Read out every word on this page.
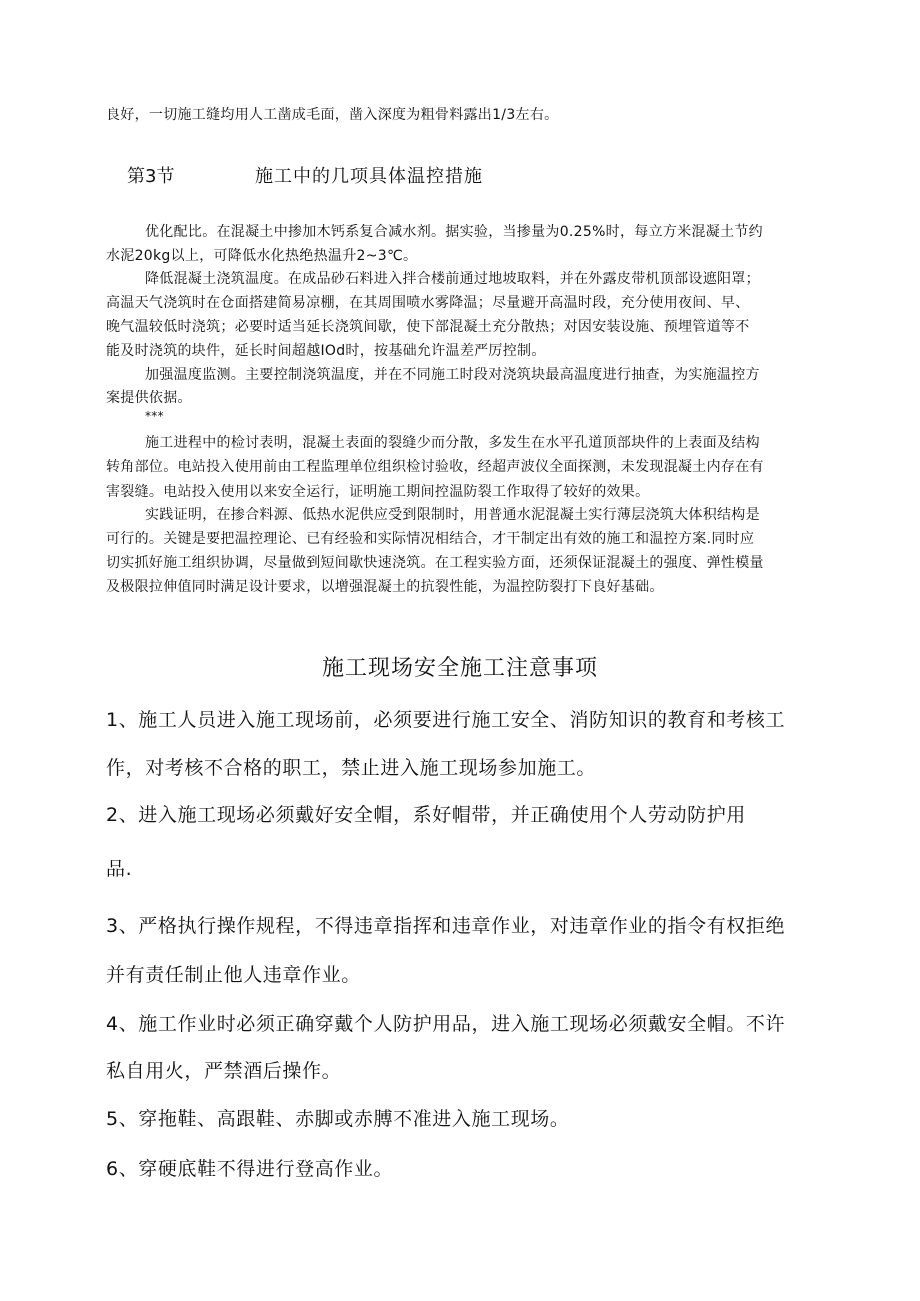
良好，一切施工缝均用人工凿成毛面，凿入深度为粗骨料露出1/3左右。
第3节	施工中的几项具体温控措施
优化配比。在混凝土中掺加木钙系复合减水剂。据实验，当掺量为0.25%时，每立方米混凝土节约
水泥20kg以上，可降低水化热绝热温升2~3℃。
降低混凝土浇筑温度。在成品砂石料进入拌合楼前通过地坡取料，并在外露皮带机顶部设遮阳罩；
高温天气浇筑时在仓面搭建简易凉棚，在其周围喷水雾降温；尽量避开高温时段，充分使用夜间、早、
晚气温较低时浇筑；必要时适当延长浇筑间歇，使下部混凝土充分散热；对因安装设施、预埋管道等不
能及时浇筑的块件，延长时间超越IOd时，按基础允许温差严厉控制。
加强温度监测。主要控制浇筑温度，并在不同施工时段对浇筑块最高温度进行抽查，为实施温控方
案提供依据。
***
施工进程中的检讨表明，混凝土表面的裂缝少而分散，多发生在水平孔道顶部块件的上表面及结构
转角部位。电站投入使用前由工程监理单位组织检讨验收，经超声波仪全面探测，未发现混凝土内存在有
害裂缝。电站投入使用以来安全运行，证明施工期间控温防裂工作取得了较好的效果。
实践证明，在掺合料源、低热水泥供应受到限制时，用普通水泥混凝土实行薄层浇筑大体积结构是
可行的。关键是要把温控理论、已有经验和实际情况相结合，才干制定出有效的施工和温控方案.同时应
切实抓好施工组织协调，尽量做到短间歇快速浇筑。在工程实验方面，还须保证混凝土的强度、弹性模量
及极限拉伸值同时满足设计要求，以增强混凝土的抗裂性能，为温控防裂打下良好基础。
施工现场安全施工注意事项
1、施工人员进入施工现场前，必须要进行施工安全、消防知识的教育和考核工
作，对考核不合格的职工，禁止进入施工现场参加施工。
2、进入施工现场必须戴好安全帽，系好帽带，并正确使用个人劳动防护用
品.
3、严格执行操作规程，不得违章指挥和违章作业，对违章作业的指令有权拒绝
并有责任制止他人违章作业。
4、施工作业时必须正确穿戴个人防护用品，进入施工现场必须戴安全帽。不许
私自用火，严禁酒后操作。
5、穿拖鞋、高跟鞋、赤脚或赤膊不准进入施工现场。
6、穿硬底鞋不得进行登高作业。
